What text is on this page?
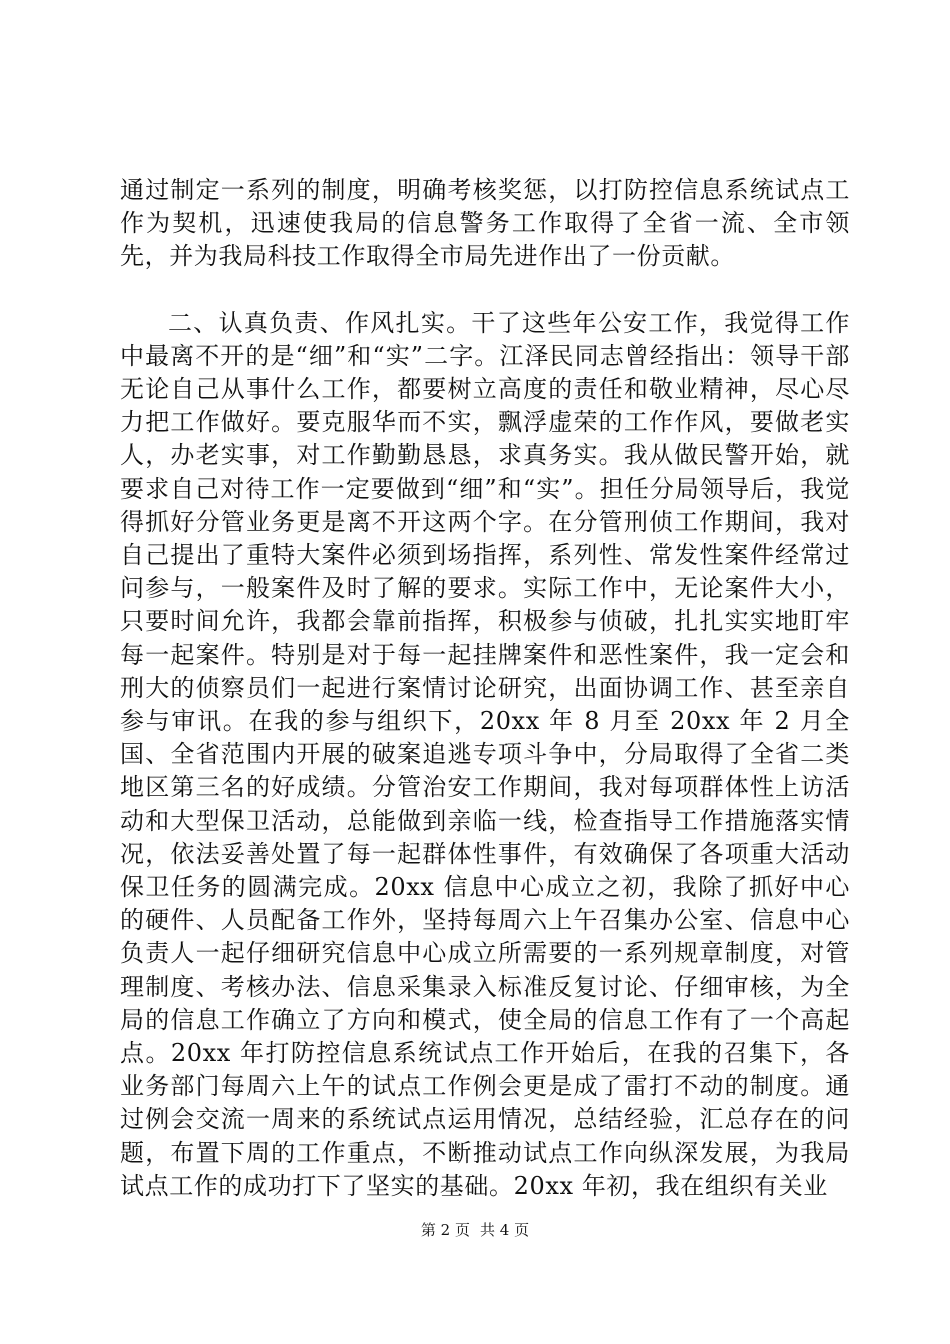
通过制定一系列的制度，明确考核奖惩，以打防控信息系统试点工作为契机，迅速使我局的信息警务工作取得了全省一流、全市领先，并为我局科技工作取得全市局先进作出了一份贡献。

二、认真负责、作风扎实。干了这些年公安工作，我觉得工作中最离不开的是“细”和“实”二字。江泽民同志曾经指出：领导干部无论自己从事什么工作，都要树立高度的责任和敬业精神，尽心尽力把工作做好。要克服华而不实，飘浮虚荣的工作作风，要做老实人，办老实事，对工作勤勤恳恳，求真务实。我从做民警开始，就要求自己对待工作一定要做到“细”和“实”。担任分局领导后，我觉得抓好分管业务更是离不开这两个字。在分管刑侦工作期间，我对自己提出了重特大案件必须到场指挥，系列性、常发性案件经常过问参与，一般案件及时了解的要求。实际工作中，无论案件大小，只要时间允许，我都会靠前指挥，积极参与侦破，扎扎实实地盯牢每一起案件。特别是对于每一起挂牌案件和恶性案件，我一定会和刑大的侦察员们一起进行案情讨论研究，出面协调工作、甚至亲自参与审讯。在我的参与组织下，20xx 年 8 月至 20xx 年 2 月全国、全省范围内开展的破案追逃专项斗争中，分局取得了全省二类地区第三名的好成绩。分管治安工作期间，我对每项群体性上访活动和大型保卫活动，总能做到亲临一线，检查指导工作措施落实情况，依法妥善处置了每一起群体性事件，有效确保了各项重大活动保卫任务的圆满完成。20xx 信息中心成立之初，我除了抓好中心的硬件、人员配备工作外，坚持每周六上午召集办公室、信息中心负责人一起仔细研究信息中心成立所需要的一系列规章制度，对管理制度、考核办法、信息采集录入标准反复讨论、仔细审核，为全局的信息工作确立了方向和模式，使全局的信息工作有了一个高起点。20xx 年打防控信息系统试点工作开始后，在我的召集下，各业务部门每周六上午的试点工作例会更是成了雷打不动的制度。通过例会交流一周来的系统试点运用情况，总结经验，汇总存在的问题，布置下周的工作重点，不断推动试点工作向纵深发展，为我局试点工作的成功打下了坚实的基础。20xx 年初，我在组织有关业

第 2 页 共 4 页
